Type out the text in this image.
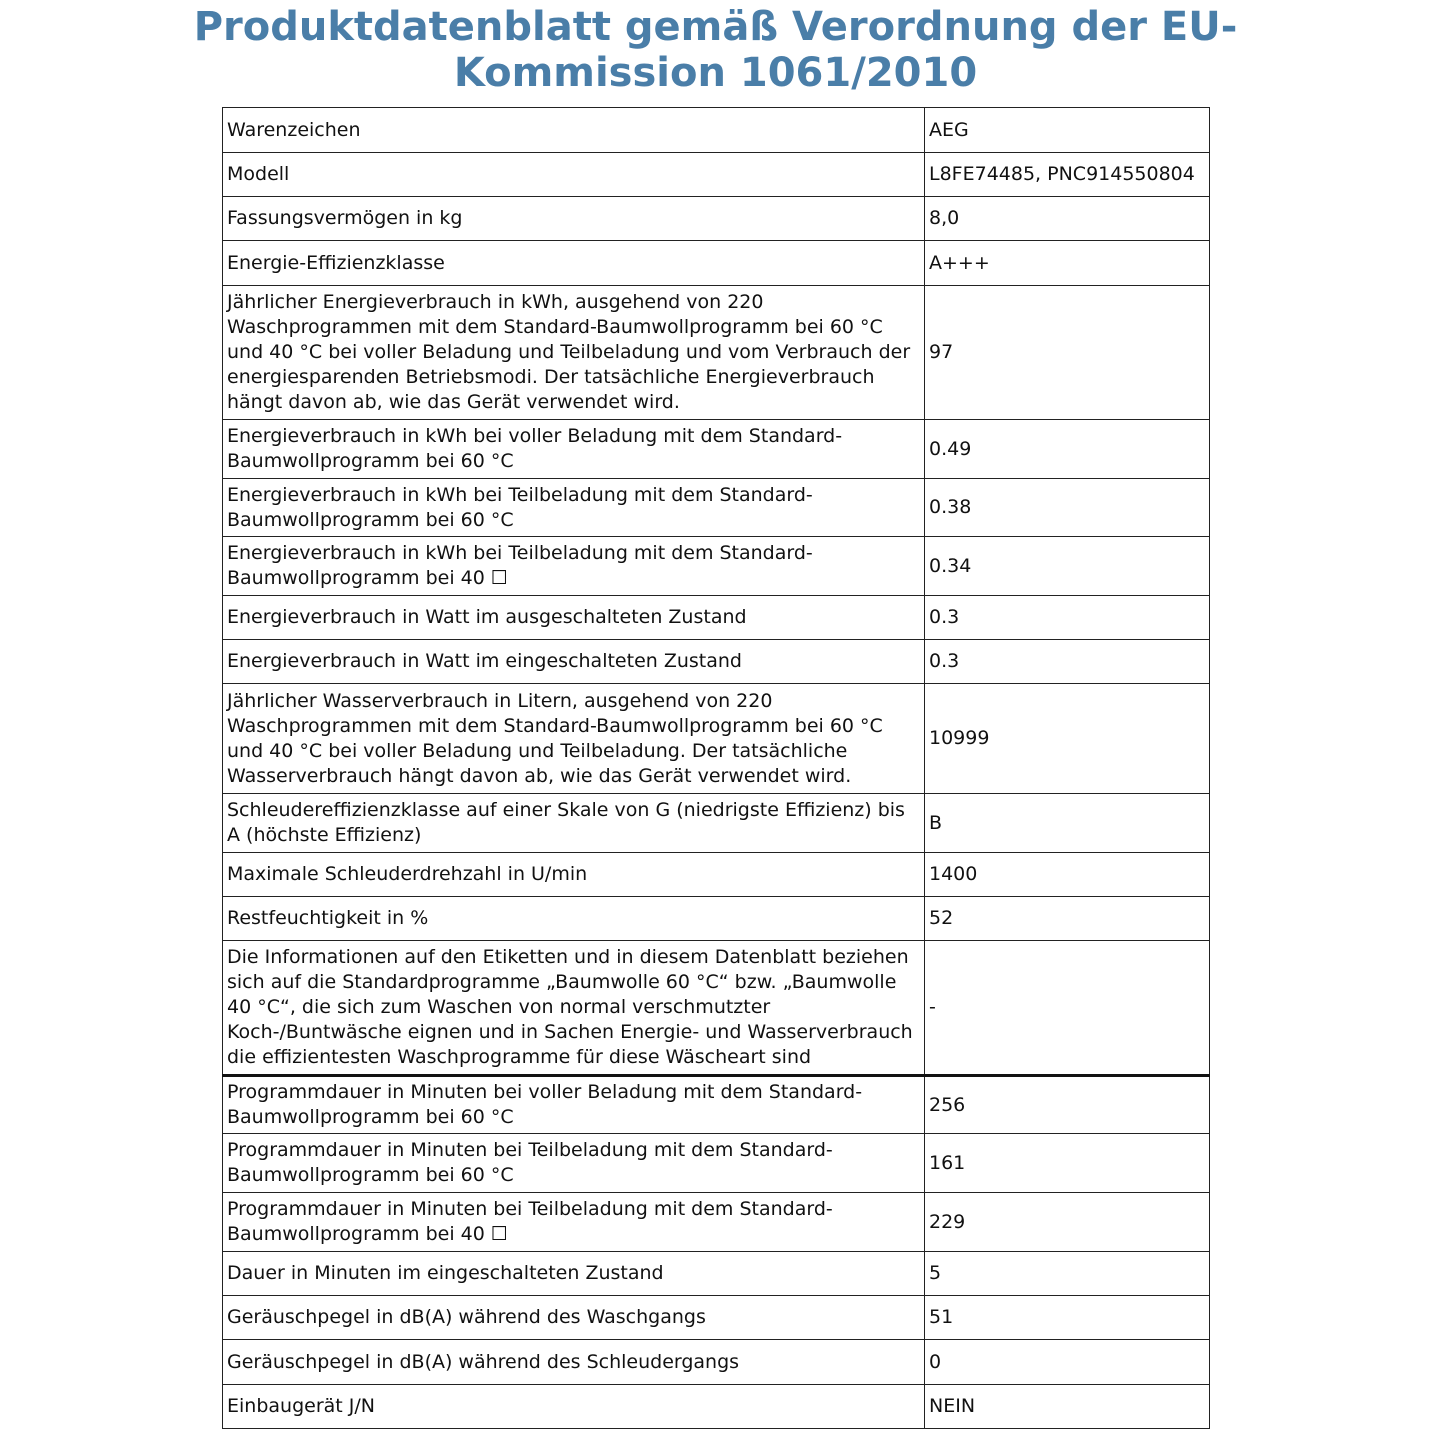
Produktdatenblatt gemäß Verordnung der EU-
Kommission 1061/2010
Warenzeichen	AEG
Modell	L8FE74485, PNC914550804
Fassungsvermögen in kg	8,0
Energie-Effizienzklasse	A+++
Jährlicher Energieverbrauch in kWh, ausgehend von 220 Waschprogrammen mit dem Standard-Baumwollprogramm bei 60 °C und 40 °C bei voller Beladung und Teilbeladung und vom Verbrauch der energiesparenden Betriebsmodi. Der tatsächliche Energieverbrauch hängt davon ab, wie das Gerät verwendet wird.	97
Energieverbrauch in kWh bei voller Beladung mit dem Standard-Baumwollprogramm bei 60 °C	0.49
Energieverbrauch in kWh bei Teilbeladung mit dem Standard-Baumwollprogramm bei 60 °C	0.38
Energieverbrauch in kWh bei Teilbeladung mit dem Standard-Baumwollprogramm bei 40 ☐	0.34
Energieverbrauch in Watt im ausgeschalteten Zustand	0.3
Energieverbrauch in Watt im eingeschalteten Zustand	0.3
Jährlicher Wasserverbrauch in Litern, ausgehend von 220 Waschprogrammen mit dem Standard-Baumwollprogramm bei 60 °C und 40 °C bei voller Beladung und Teilbeladung. Der tatsächliche Wasserverbrauch hängt davon ab, wie das Gerät verwendet wird.	10999
Schleudereffizienzklasse auf einer Skale von G (niedrigste Effizienz) bis A (höchste Effizienz)	B
Maximale Schleuderdrehzahl in U/min	1400
Restfeuchtigkeit in %	52
Die Informationen auf den Etiketten und in diesem Datenblatt beziehen sich auf die Standardprogramme „Baumwolle 60 °C“ bzw. „Baumwolle 40 °C“, die sich zum Waschen von normal verschmutzter Koch-/Buntwäsche eignen und in Sachen Energie- und Wasserverbrauch die effizientesten Waschprogramme für diese Wäscheart sind	-
Programmdauer in Minuten bei voller Beladung mit dem Standard-Baumwollprogramm bei 60 °C	256
Programmdauer in Minuten bei Teilbeladung mit dem Standard-Baumwollprogramm bei 60 °C	161
Programmdauer in Minuten bei Teilbeladung mit dem Standard-Baumwollprogramm bei 40 ☐	229
Dauer in Minuten im eingeschalteten Zustand	5
Geräuschpegel in dB(A) während des Waschgangs	51
Geräuschpegel in dB(A) während des Schleudergangs	0
Einbaugerät J/N	NEIN
